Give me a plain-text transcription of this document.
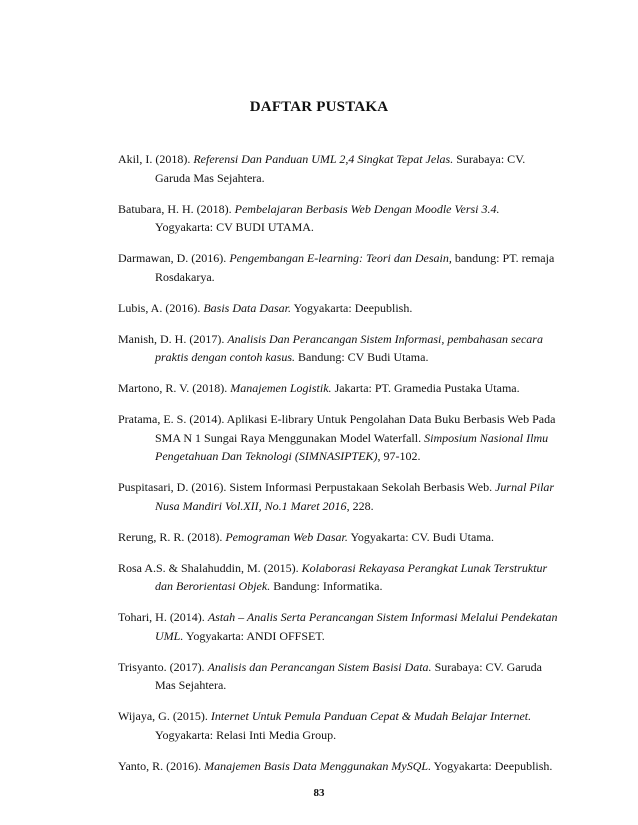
DAFTAR PUSTAKA

Akil, I. (2018). Referensi Dan Panduan UML 2,4 Singkat Tepat Jelas. Surabaya: CV. Garuda Mas Sejahtera.

Batubara, H. H. (2018). Pembelajaran Berbasis Web Dengan Moodle Versi 3.4. Yogyakarta: CV BUDI UTAMA.

Darmawan, D. (2016). Pengembangan E-learning: Teori dan Desain, bandung: PT. remaja Rosdakarya.

Lubis, A. (2016). Basis Data Dasar. Yogyakarta: Deepublish.

Manish, D. H. (2017). Analisis Dan Perancangan Sistem Informasi, pembahasan secara praktis dengan contoh kasus. Bandung: CV Budi Utama.

Martono, R. V. (2018). Manajemen Logistik. Jakarta: PT. Gramedia Pustaka Utama.

Pratama, E. S. (2014). Aplikasi E-library Untuk Pengolahan Data Buku Berbasis Web Pada SMA N 1 Sungai Raya Menggunakan Model Waterfall. Simposium Nasional Ilmu Pengetahuan Dan Teknologi (SIMNASIPTEK), 97-102.

Puspitasari, D. (2016). Sistem Informasi Perpustakaan Sekolah Berbasis Web. Jurnal Pilar Nusa Mandiri Vol.XII, No.1 Maret 2016, 228.

Rerung, R. R. (2018). Pemograman Web Dasar. Yogyakarta: CV. Budi Utama.

Rosa A.S. & Shalahuddin, M. (2015). Kolaborasi Rekayasa Perangkat Lunak Terstruktur dan Berorientasi Objek. Bandung: Informatika.

Tohari, H. (2014). Astah – Analis Serta Perancangan Sistem Informasi Melalui Pendekatan UML. Yogyakarta: ANDI OFFSET.

Trisyanto. (2017). Analisis dan Perancangan Sistem Basisi Data. Surabaya: CV. Garuda Mas Sejahtera.

Wijaya, G. (2015). Internet Untuk Pemula Panduan Cepat & Mudah Belajar Internet. Yogyakarta: Relasi Inti Media Group.

Yanto, R. (2016). Manajemen Basis Data Menggunakan MySQL. Yogyakarta: Deepublish.

83
